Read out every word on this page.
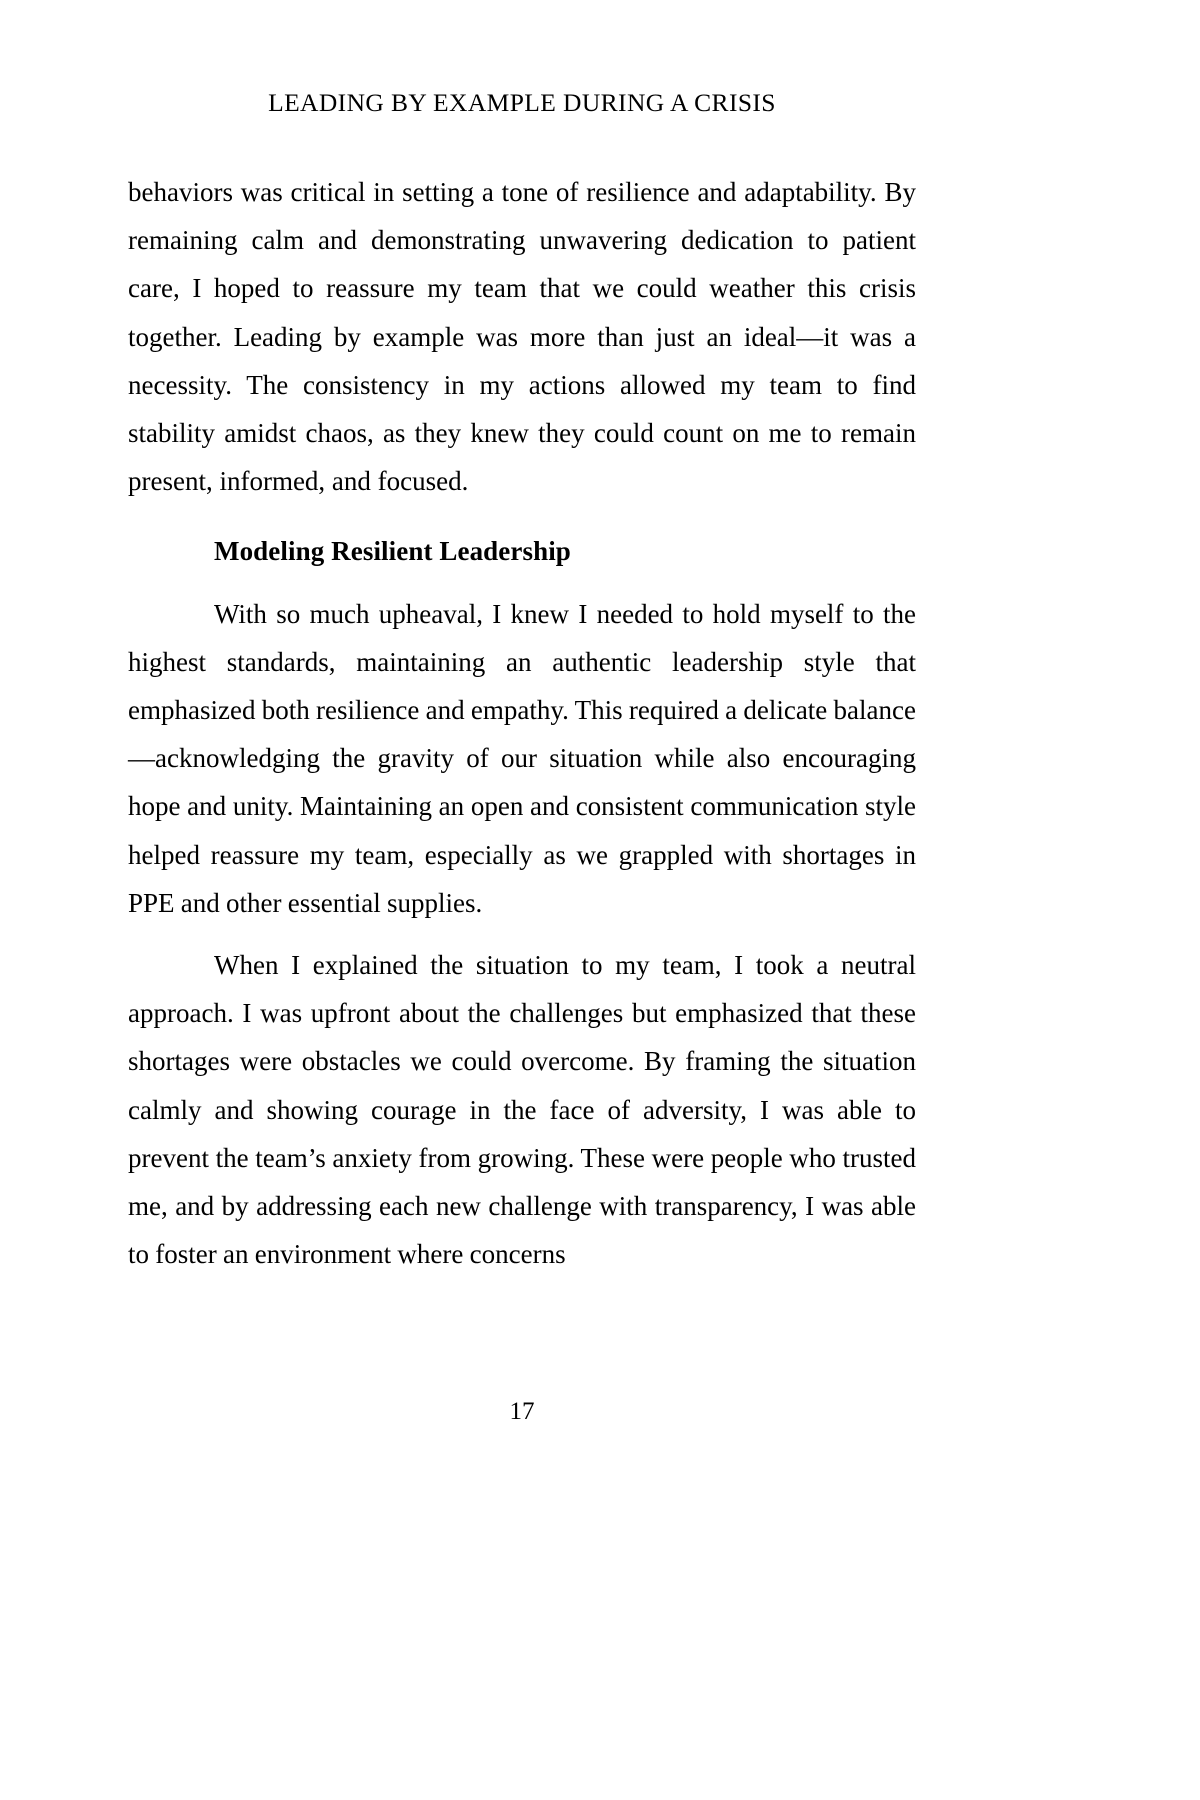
LEADING BY EXAMPLE DURING A CRISIS

behaviors was critical in setting a tone of resilience and adaptability. By remaining calm and demonstrating unwavering dedication to patient care, I hoped to reassure my team that we could weather this crisis together. Leading by example was more than just an ideal—it was a necessity. The consistency in my actions allowed my team to find stability amidst chaos, as they knew they could count on me to remain present, informed, and focused.

Modeling Resilient Leadership

With so much upheaval, I knew I needed to hold myself to the highest standards, maintaining an authentic leadership style that emphasized both resilience and empathy. This required a delicate balance—acknowledging the gravity of our situation while also encouraging hope and unity. Maintaining an open and consistent communication style helped reassure my team, especially as we grappled with shortages in PPE and other essential supplies.

When I explained the situation to my team, I took a neutral approach. I was upfront about the challenges but emphasized that these shortages were obstacles we could overcome. By framing the situation calmly and showing courage in the face of adversity, I was able to prevent the team’s anxiety from growing. These were people who trusted me, and by addressing each new challenge with transparency, I was able to foster an environment where concerns

17
